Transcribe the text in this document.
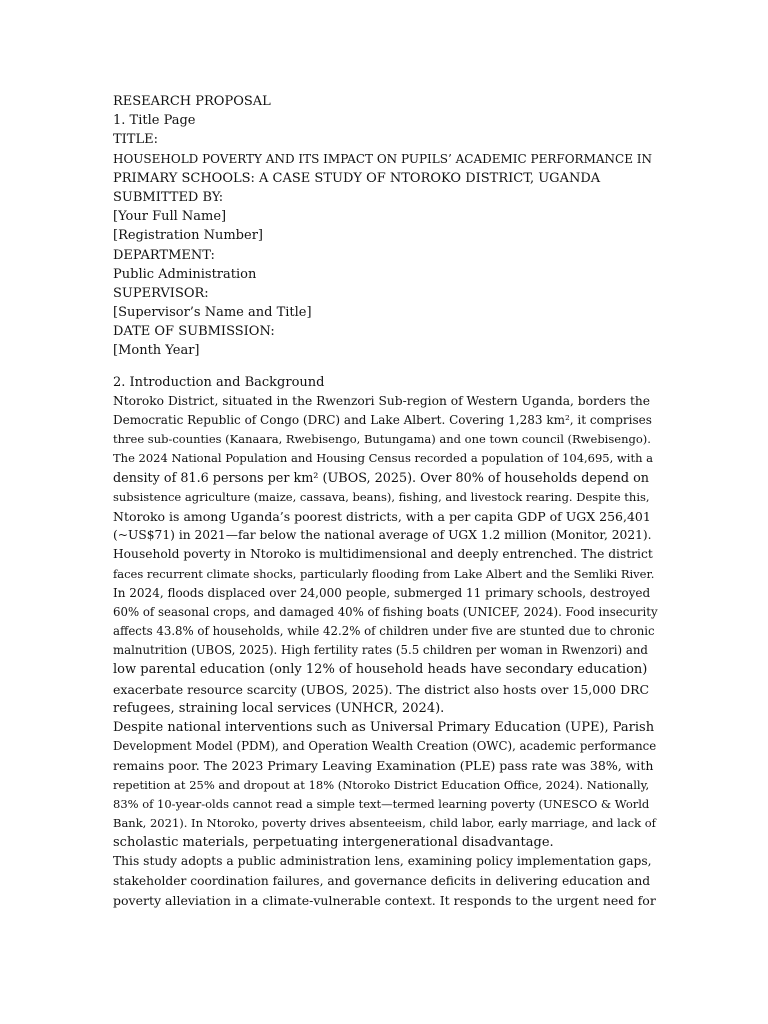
RESEARCH PROPOSAL
1. Title Page
TITLE:
HOUSEHOLD POVERTY AND ITS IMPACT ON PUPILS’ ACADEMIC PERFORMANCE IN
PRIMARY SCHOOLS: A CASE STUDY OF NTOROKO DISTRICT, UGANDA
SUBMITTED BY:
[Your Full Name]
[Registration Number]
DEPARTMENT:
Public Administration
SUPERVISOR:
[Supervisor’s Name and Title]
DATE OF SUBMISSION:
[Month Year]
2. Introduction and Background
Ntoroko District, situated in the Rwenzori Sub-region of Western Uganda, borders the
Democratic Republic of Congo (DRC) and Lake Albert. Covering 1,283 km², it comprises
three sub-counties (Kanaara, Rwebisengo, Butungama) and one town council (Rwebisengo).
The 2024 National Population and Housing Census recorded a population of 104,695, with a
density of 81.6 persons per km² (UBOS, 2025). Over 80% of households depend on
subsistence agriculture (maize, cassava, beans), fishing, and livestock rearing. Despite this,
Ntoroko is among Uganda’s poorest districts, with a per capita GDP of UGX 256,401
(~US$71) in 2021—far below the national average of UGX 1.2 million (Monitor, 2021).
Household poverty in Ntoroko is multidimensional and deeply entrenched. The district
faces recurrent climate shocks, particularly flooding from Lake Albert and the Semliki River.
In 2024, floods displaced over 24,000 people, submerged 11 primary schools, destroyed
60% of seasonal crops, and damaged 40% of fishing boats (UNICEF, 2024). Food insecurity
affects 43.8% of households, while 42.2% of children under five are stunted due to chronic
malnutrition (UBOS, 2025). High fertility rates (5.5 children per woman in Rwenzori) and
low parental education (only 12% of household heads have secondary education)
exacerbate resource scarcity (UBOS, 2025). The district also hosts over 15,000 DRC
refugees, straining local services (UNHCR, 2024).
Despite national interventions such as Universal Primary Education (UPE), Parish
Development Model (PDM), and Operation Wealth Creation (OWC), academic performance
remains poor. The 2023 Primary Leaving Examination (PLE) pass rate was 38%, with
repetition at 25% and dropout at 18% (Ntoroko District Education Office, 2024). Nationally,
83% of 10-year-olds cannot read a simple text—termed learning poverty (UNESCO & World
Bank, 2021). In Ntoroko, poverty drives absenteeism, child labor, early marriage, and lack of
scholastic materials, perpetuating intergenerational disadvantage.
This study adopts a public administration lens, examining policy implementation gaps,
stakeholder coordination failures, and governance deficits in delivering education and
poverty alleviation in a climate-vulnerable context. It responds to the urgent need for
